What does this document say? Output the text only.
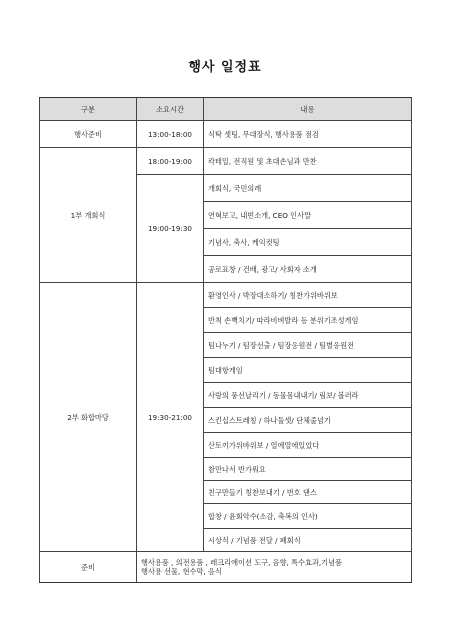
행사 일정표
구분	소요시간	내용
행사준비	13:00-18:00	식탁 셋팅, 무대장식, 행사용품 점검
1부 개회식	18:00-19:00	칵테일, 전직원 및 초대손님과 만찬
	19:00-19:30	개회식, 국민의례
		연혁보고, 내빈소개, CEO 인사말
		기념사, 축사, 케익컷팅
		공로표창 / 건배, 광고/ 사회자 소개
2부 화합마당	19:30-21:00	환영인사 / 박장대소하기/ 칭찬가위바위보
		반칙 손뼉치기/ 따라비벼발라 등 분위기조성게임
		팀나누기 / 팀장선출 / 팀장응원전 / 팀별응원전
		팀대항게임
		사랑의 풍선날리기 / 동물몸내내기/ 림보/ 볼러라
		스킨십스트레칭 / 하나둘셋/ 단체줄넘기
		산토끼가위바위보 / 열에열에있었다
		참만나서 반가워요
		친구만들기 칭찬보내기 / 번호 댄스
		합창 / 윤회악수(소감, 축복의 인사)
		시상식 / 기념품 전달 / 폐회식
준비	행사용품 , 의전용품 , 레크리에이션 도구, 음향, 특수효과,기념품
행사용 선물, 현수막, 음식	
